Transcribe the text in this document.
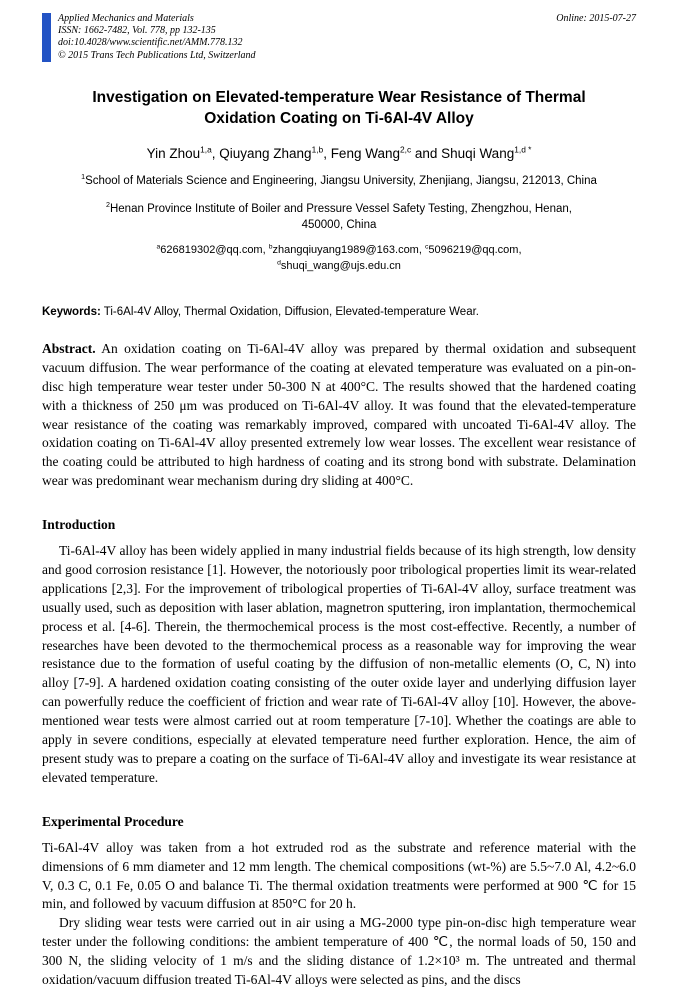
Applied Mechanics and Materials
ISSN: 1662-7482, Vol. 778, pp 132-135
doi:10.4028/www.scientific.net/AMM.778.132
© 2015 Trans Tech Publications Ltd, Switzerland
Online: 2015-07-27
Investigation on Elevated-temperature Wear Resistance of Thermal Oxidation Coating on Ti-6Al-4V Alloy
Yin Zhou$^{1,a}$, Qiuyang Zhang$^{1,b}$, Feng Wang$^{2,c}$ and Shuqi Wang$^{1,d *}$
$^1$School of Materials Science and Engineering, Jiangsu University, Zhenjiang, Jiangsu, 212013, China
$^2$Henan Province Institute of Boiler and Pressure Vessel Safety Testing, Zhengzhou, Henan, 450000, China
$^a$626819302@qq.com, $^b$zhangqiuyang1989@163.com, $^c$5096219@qq.com,
$^d$shuqi_wang@ujs.edu.cn
Keywords: Ti-6Al-4V Alloy, Thermal Oxidation, Diffusion, Elevated-temperature Wear.

Abstract. An oxidation coating on Ti-6Al-4V alloy was prepared by thermal oxidation and subsequent vacuum diffusion. The wear performance of the coating at elevated temperature was evaluated on a pin-on-disc high temperature wear tester under 50-300 N at 400°C. The results showed that the hardened coating with a thickness of 250 μm was produced on Ti-6Al-4V alloy. It was found that the elevated-temperature wear resistance of the coating was remarkably improved, compared with uncoated Ti-6Al-4V alloy. The oxidation coating on Ti-6Al-4V alloy presented extremely low wear losses. The excellent wear resistance of the coating could be attributed to high hardness of coating and its strong bond with substrate. Delamination wear was predominant wear mechanism during dry sliding at 400°C.

Introduction

Ti-6Al-4V alloy has been widely applied in many industrial fields because of its high strength, low density and good corrosion resistance [1]. However, the notoriously poor tribological properties limit its wear-related applications [2,3]. For the improvement of tribological properties of Ti-6Al-4V alloy, surface treatment was usually used, such as deposition with laser ablation, magnetron sputtering, iron implantation, thermochemical process et al. [4-6]. Therein, the thermochemical process is the most cost-effective. Recently, a number of researches have been devoted to the thermochemical process as a reasonable way for improving the wear resistance due to the formation of useful coating by the diffusion of non-metallic elements (O, C, N) into alloy [7-9]. A hardened oxidation coating consisting of the outer oxide layer and underlying diffusion layer can powerfully reduce the coefficient of friction and wear rate of Ti-6Al-4V alloy [10]. However, the above-mentioned wear tests were almost carried out at room temperature [7-10]. Whether the coatings are able to apply in severe conditions, especially at elevated temperature need further exploration. Hence, the aim of present study was to prepare a coating on the surface of Ti-6Al-4V alloy and investigate its wear resistance at elevated temperature.

Experimental Procedure

Ti-6Al-4V alloy was taken from a hot extruded rod as the substrate and reference material with the dimensions of 6 mm diameter and 12 mm length. The chemical compositions (wt-%) are 5.5~7.0 Al, 4.2~6.0 V, 0.3 C, 0.1 Fe, 0.05 O and balance Ti. The thermal oxidation treatments were performed at 900 ℃ for 15 min, and followed by vacuum diffusion at 850°C for 20 h.

Dry sliding wear tests were carried out in air using a MG-2000 type pin-on-disc high temperature wear tester under the following conditions: the ambient temperature of 400 ℃, the normal loads of 50, 150 and 300 N, the sliding velocity of 1 m/s and the sliding distance of 1.2×10³ m. The untreated and thermal oxidation/vacuum diffusion treated Ti-6Al-4V alloys were selected as pins, and the discs
